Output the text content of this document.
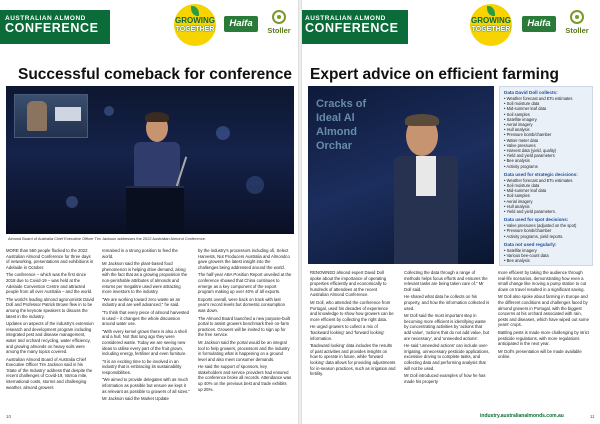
AUSTRALIAN ALMOND
CONFERENCE
GROWING
TOGETHER
Haifa
Stoller
Successful comeback for conference
Almond Board of Australia Chief Executive Officer Tim Jackson addresses the 2022 Australian Almond Conference.

MORE than 550 people flocked to the 2022 Australian Almond Conference for three days of networking, presentations and exhibitions in Adelaide in October.

The conference – which was the first since 2018 due to Covid-19 – was held at the Adelaide Convention Centre and attracted people from all over Australia – and the world.

The world's leading almond agronomists David Doll and Professor Patrick Brown flew in to be among the keynote speakers to discuss the latest in the industry.

Updates on aspects of the industry's extension research and development program including integrated pest and disease management, water and orchard recycling, water efficiency, and growing almonds on heavy soils were among the many topics covered.

Australian Almond Board of Australia Chief Executive Officer Tim Jackson said in his 'State of the Industry' address that despite the recent challenges of Covid-19, Varroa mite, international costs, storms and challenging weather, almond growers

remained in a strong position to feed the world.

Mr Jackson said the plant-based food phenomenon is helping drive demand, along with the fact that as a growing proposition the non-perishable attributes of almonds and returns per megalitre used were attracting more investors to the industry.

"We are working toward zero waste as an industry and are well advanced," he said.

"To think that every piece of almond harvested is used – it changes the whole discussion around water use.

"With every kernel grown there is also a shell and a hull. Not that long ago they were considered waste. Today we are seeing new ideas to utilise every part of the fruit grown, including energy, fertiliser and even furniture.

"It is an exciting time to be involved in an industry that is embracing its sustainability responsibilities.

"We aimed to provide delegates with as much information as possible but ensure we kept it as relevant as possible to growers of all sizes."

Mr Jackson said the Market Update

by the industry's processors including ofi, Select Harvests, Nut Producers Australia and Almondco gave growers the latest insight into the challenges being addressed around the world.

The half-year ABA Position Report unveiled at the conference showed that China continues to emerge as a key component of the export program making up over 40% of all exports.

Exports overall, were back on track with last year's record levels but domestic consumption was down.

The Almond Board launched a new purpose-built portal to assist growers benchmark their on-farm practices. Growers will be invited to sign up for the free service.

Mr Jackson said the portal would be an integral tool to help growers, processors and the industry in formulating what is happening on a ground level and also meet consumer demands.

He said the support of sponsors, key stakeholders and service providers had ensured the conference broke all records. Attendance was up 40% on the previous best and trade exhibits up 25%.

10
AUSTRALIAN ALMOND
CONFERENCE
GROWING
TOGETHER
Haifa
Stoller
Expert advice on efficient farming
Cracks of
Ideal Al
Almond
Orchar
Data David Doll collects:
• Weather forecast and ETo estimates
• Soil moisture data
• Mid-summer leaf data
• Soil samples
• Satellite imagery
• Aerial imagery
• Hull analysis
• Pressure bomb/chamber
• Water meter data
• Valve pressures
• Harvest data (yield, quality)
• Yield and yield parameters
• Bee analysis
• Activity programs
Data used for strategic decisions:
• Weather forecast and ETo estimates
• Soil moisture data
• Mid-summer leaf data
• Soil samples
• Aerial imagery
• Hull analysis
• Yield and yield parameters.
Data used for spot decisions:
• Valve pressures (adjusted on the spot)
• Pressure bomb/chamber
• Activity programs, yield reports.
Data not used regularly:
• Satellite imagery
• Various bee-count data
• Bee analysis

RENOWNED almond expert David Doll spoke about the importance of operating properties efficiently and economically to hundreds of attendees at the recent Australian Almond Conference.

Mr Doll, who attended the conference from Portugal, used his decades of experience and knowledge to show how growers can be more efficient by collecting the right data.

He urged growers to collect a mix of 'backward looking' and 'forward looking' information.

'Backward looking' data includes the results of past activities and provides insights on how to operate in future, while 'forward looking' data allows for providing adjustments for in-season practices, such as irrigation and fertility.

Collecting the data through a range of methods helps focus efforts and ensures the relevant tasks are being taken care of," Mr Doll said.

He shared what data he collects on his property, and how the information collected is used.

Mr Doll said the most important step in becoming more efficient is identifying waste by concentrating activities by 'actions that add value', 'actions that do not add value, but are necessary', and 'unneeded actions'.

He said 'unneeded actions' can include over-irrigating, unnecessary pesticide applications, excessive driving to complete tasks, and collecting data and performing analysis that will not be used.

Mr Doll introduced examples of how he has made his property

more efficient by taking the audience through real-life scenarios, demonstrating how even a small change like moving a pump station to cut down on travel resulted in a significant saving.

Mr Doll also spoke about farming in Europe and the different conditions and challenges faced by almond growers in Portugal, with the biggest concerns at his orchard associated with rain, pests and diseases, which have wiped out some years' crops.

Battling pests is made more challenging by strict pesticide regulations, with more regulations anticipated in the next year.

Mr Doll's presentation will be made available online.

industry.australianalmonds.com.au	11
